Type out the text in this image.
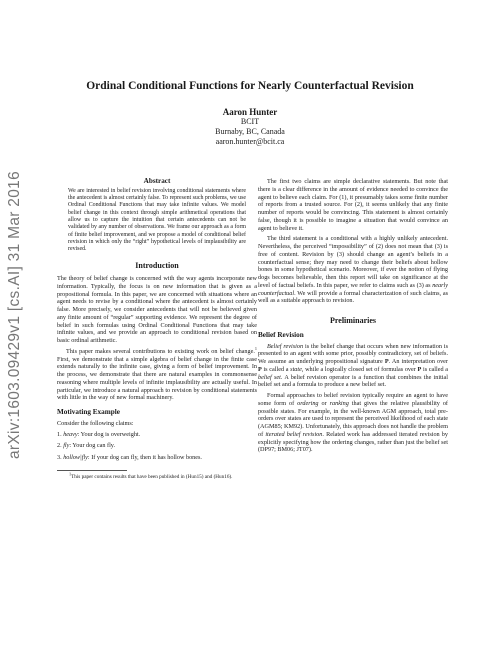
arXiv:1603.09429v1 [cs.AI] 31 Mar 2016
Ordinal Conditional Functions for Nearly Counterfactual Revision
Aaron Hunter
BCIT
Burnaby, BC, Canada
aaron.hunter@bcit.ca
Abstract

We are interested in belief revision involving conditional statements where the antecedent is almost certainly false. To represent such problems, we use Ordinal Conditional Functions that may take infinite values. We model belief change in this context through simple arithmetical operations that allow us to capture the intuition that certain antecedents can not be validated by any number of observations. We frame our approach as a form of finite belief improvement, and we propose a model of conditional belief revision in which only the “right” hypothetical levels of implausibility are revised.

Introduction

The theory of belief change is concerned with the way agents incorporate new information. Typically, the focus is on new information that is given as a propositional formula. In this paper, we are concerned with situations where an agent needs to revise by a conditional where the antecedent is almost certainly false. More precisely, we consider antecedents that will not be believed given any finite amount of “regular” supporting evidence. We represent the degree of belief in such formulas using Ordinal Conditional Functions that may take infinite values, and we provide an approach to conditional revision based on basic ordinal arithmetic.

This paper makes several contributions to existing work on belief change.$^1$ First, we demonstrate that a simple algebra of belief change in the finite case extends naturally to the infinite case, giving a form of belief improvement. In the process, we demonstrate that there are natural examples in commonsense reasoning where multiple levels of infinite implausibility are actually useful. In particular, we introduce a natural approach to revision by conditional statements with little in the way of new formal machinery.

Motivating Example

Consider the following claims:

1. heavy: Your dog is overweight.
2. fly: Your dog can fly.
3. hollow|fly: If your dog can fly, then it has hollow bones.
$^1$This paper contains results that have been published in (Hun15) and (Hun16).

The first two claims are simple declarative statements. But note that there is a clear difference in the amount of evidence needed to convince the agent to believe each claim. For (1), it presumably takes some finite number of reports from a trusted source. For (2), it seems unlikely that any finite number of reports would be convincing. This statement is almost certainly false, though it is possible to imagine a situation that would convince an agent to believe it.

The third statement is a conditional with a highly unlikely antecedent. Nevertheless, the perceived “impossibility” of (2) does not mean that (3) is free of content. Revision by (3) should change an agent’s beliefs in a counterfactual sense; they may need to change their beliefs about hollow bones in some hypothetical scenario. Moreover, if ever the notion of flying dogs becomes believable, then this report will take on significance at the level of factual beliefs. In this paper, we refer to claims such as (3) as nearly counterfactual. We will provide a formal characterization of such claims, as well as a suitable approach to revision.

Preliminaries
Belief Revision

Belief revision is the belief change that occurs when new information is presented to an agent with some prior, possibly contradictory, set of beliefs. We assume an underlying propositional signature P. An interpretation over P is called a state, while a logically closed set of formulas over P is called a belief set. A belief revision operator is a function that combines the initial belief set and a formula to produce a new belief set.

Formal approaches to belief revision typically require an agent to have some form of ordering or ranking that gives the relative plausibility of possible states. For example, in the well-known AGM approach, total pre-orders over states are used to represent the perceived likelihood of each state (AGM85; KM92). Unfortunately, this approach does not handle the problem of iterated belief revision. Related work has addressed iterated revision by explicitly specifying how the ordering changes, rather than just the belief set (DP97; BM06; JT07).
